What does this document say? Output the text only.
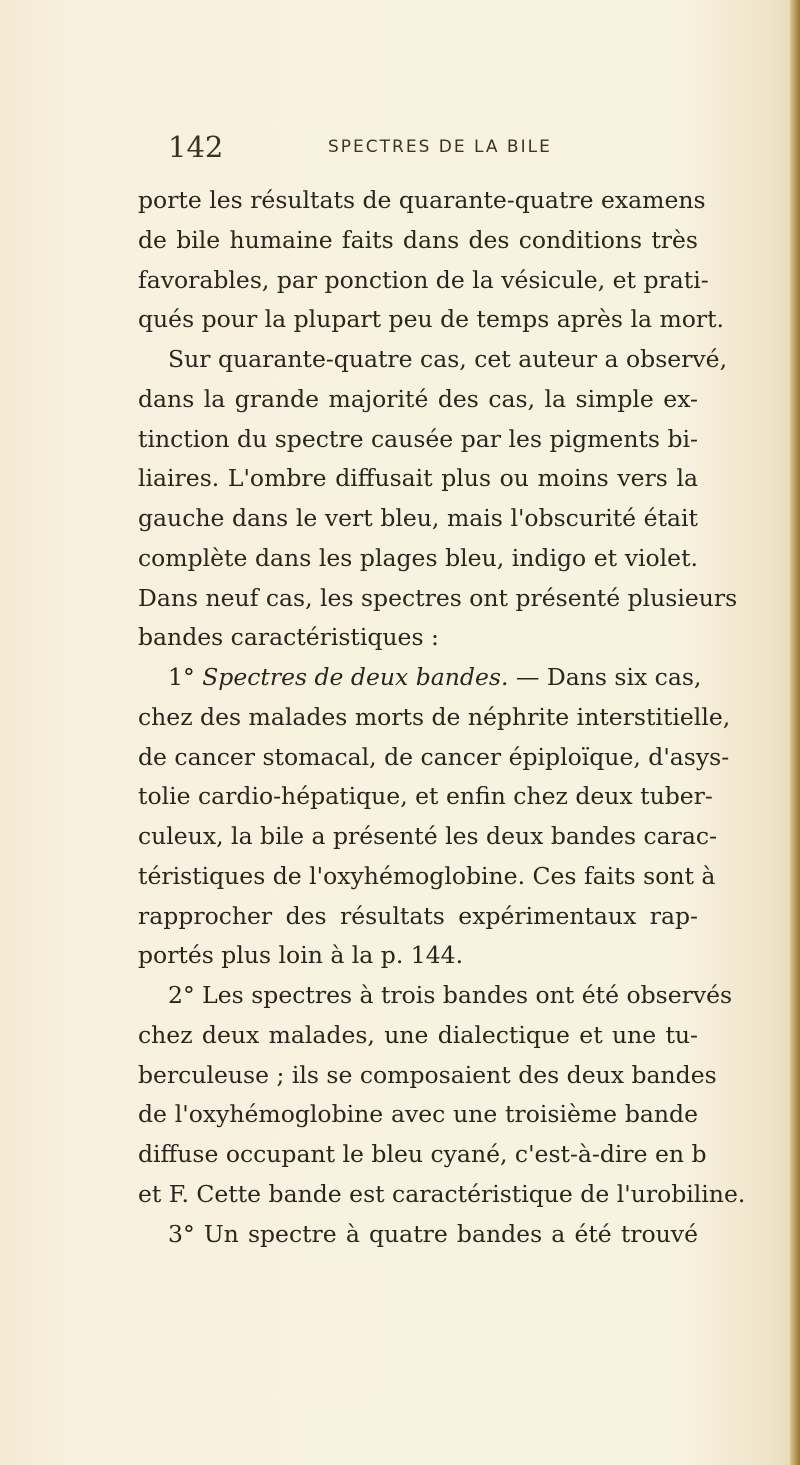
142	SPECTRES DE LA BILE
porte les résultats de quarante-quatre examens
de bile humaine faits dans des conditions très
favorables, par ponction de la vésicule, et prati-
qués pour la plupart peu de temps après la mort.
Sur quarante-quatre cas, cet auteur a observé,
dans la grande majorité des cas, la simple ex-
tinction du spectre causée par les pigments bi-
liaires. L'ombre diffusait plus ou moins vers la
gauche dans le vert bleu, mais l'obscurité était
complète dans les plages bleu, indigo et violet.
Dans neuf cas, les spectres ont présenté plusieurs
bandes caractéristiques :
1° Spectres de deux bandes. — Dans six cas,
chez des malades morts de néphrite interstitielle,
de cancer stomacal, de cancer épiploïque, d'asys-
tolie cardio-hépatique, et enfin chez deux tuber-
culeux, la bile a présenté les deux bandes carac-
téristiques de l'oxyhémoglobine. Ces faits sont à
rapprocher des résultats expérimentaux rap-
portés plus loin à la p. 144.
2° Les spectres à trois bandes ont été observés
chez deux malades, une dialectique et une tu-
berculeuse ; ils se composaient des deux bandes
de l'oxyhémoglobine avec une troisième bande
diffuse occupant le bleu cyané, c'est-à-dire en b
et F. Cette bande est caractéristique de l'urobiline.
3° Un spectre à quatre bandes a été trouvé
